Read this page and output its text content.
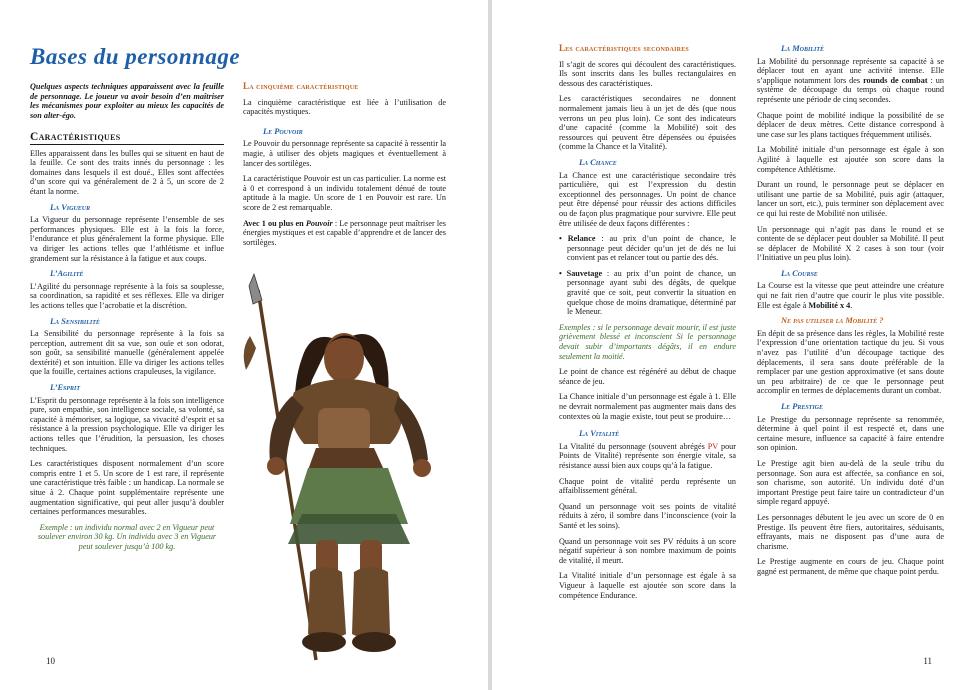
Bases du personnage
Quelques aspects techniques apparaissent avec la feuille de personnage. Le joueur va avoir besoin d’en maîtriser les mécanismes pour exploiter au mieux les capacités de son alter-égo.
Caractéristiques

Elles apparaissent dans les bulles qui se situent en haut de la feuille. Ce sont des traits innés du personnage : les domaines dans lesquels il est doué., Elles sont affectées d’un score qui va généralement de 2 à 5, un score de 2 étant la norme.

La Vigueur

La Vigueur du personnage représente l’ensemble de ses performances physiques. Elle est à la fois la force, l’endurance et plus généralement la forme physique. Elle va diriger les actions telles que l’athlétisme et influe grandement sur la résistance à la fatigue et aux coups.

L’Agilité

L’Agilité du personnage représente à la fois sa souplesse, sa coordination, sa rapidité et ses réflexes. Elle va diriger les actions telles que l’acrobatie et la discrétion.

La Sensibilité

La Sensibilité du personnage représente à la fois sa perception, autrement dit sa vue, son ouïe et son odorat, son goût, sa sensibilité manuelle (généralement appelée dextérité) et son intuition. Elle va diriger les actions telles que la fouille, certaines actions crapuleuses, la vigilance.

L’Esprit

L’Esprit du personnage représente à la fois son intelligence pure, son empathie, son intelligence sociale, sa volonté, sa capacité à mémoriser, sa logique, sa vivacité d’esprit et sa résistance à la pression psychologique. Elle va diriger les actions telles que l’érudition, la persuasion, les choses techniques.

Les caractéristiques disposent normalement d’un score compris entre 1 et 5. Un score de 1 est rare, il représente une caractéristique très faible : un handicap. La normale se situe à 2. Chaque point supplémentaire représente une augmentation significative, qui peut aller jusqu’à doubler certaines performances mesurables.

Exemple : un individu normal avec 2 en Vigueur peut soulever environ 30 kg. Un individu avec 3 en Vigueur peut soulever jusqu’à 100 kg.

La cinquième caractéristique

La cinquième caractéristique est liée à l’utilisation de capacités mystiques.

Le Pouvoir

Le Pouvoir du personnage représente sa capacité à ressentir la magie, à utiliser des objets magiques et éventuellement à lancer des sortilèges.

La caractéristique Pouvoir est un cas particulier. La norme est à 0 et correspond à un individu totalement dénué de toute aptitude à la magie. Un score de 1 en Pouvoir est rare. Un score de 2 est remarquable.

Avec 1 ou plus en Pouvoir : Le personnage peut maîtriser les énergies mystiques et est capable d’apprendre et de lancer des sortilèges.

10
Les caractéristiques secondaires

Il s’agit de scores qui découlent des caractéristiques. Ils sont inscrits dans les bulles rectangulaires en dessous des caractéristiques.

Les caractéristiques secondaires ne donnent normalement jamais lieu à un jet de dés (que nous verrons un peu plus loin). Ce sont des indicateurs d’une capacité (comme la Mobilité) soit des ressources qui peuvent être dépensées ou épuisées (comme la Chance et la Vitalité).

La Chance

La Chance est une caractéristique secondaire très particulière, qui est l’expression du destin exceptionnel des personnages. Un point de chance peut être dépensé pour réussir des actions difficiles ou de façon plus pragmatique pour survivre. Elle peut être utilisée de deux façons différentes :

• Relance : au prix d’un point de chance, le personnage peut décider qu’un jet de dés ne lui convient pas et relancer tout ou partie des dés.

• Sauvetage : au prix d’un point de chance, un personnage ayant subi des dégâts, de quelque gravité que ce soit, peut convertir la situation en quelque chose de moins dramatique, déterminé par le Meneur.

Exemples : si le personnage devait mourir, il est juste grièvement blessé et inconscient Si le personnage devait subir d’importants dégâts, il en endure seulement la moitié.

Le point de chance est régénéré au début de chaque séance de jeu.

La Chance initiale d’un personnage est égale à 1. Elle ne devrait normalement pas augmenter mais dans des contextes où la magie existe, tout peut se produire…

La Vitalité

La Vitalité du personnage (souvent abrégés PV pour Points de Vitalité) représente son énergie vitale, sa résistance aussi bien aux coups qu’à la fatigue.

Chaque point de vitalité perdu représente un affaiblissement général.

Quand un personnage voit ses points de vitalité réduits à zéro, il sombre dans l’inconscience (voir la Santé et les soins).

Quand un personnage voit ses PV réduits à un score négatif supérieur à son nombre maximum de points de vitalité, il meurt.

La Vitalité initiale d’un personnage est égale à sa Vigueur à laquelle est ajoutée son score dans la compétence Endurance.

La Mobilité

La Mobilité du personnage représente sa capacité à se déplacer tout en ayant une activité intense. Elle s’applique notamment lors des rounds de combat : un système de découpage du temps où chaque round représente une période de cinq secondes.

Chaque point de mobilité indique la possibilité de se déplacer de deux mètres. Cette distance correspond à une case sur les plans tactiques fréquemment utilisés.

La Mobilité initiale d’un personnage est égale à son Agilité à laquelle est ajoutée son score dans la compétence Athlétisme.

Durant un round, le personnage peut se déplacer en utilisant une partie de sa Mobilité, puis agir (attaquer, lancer un sort, etc.), puis terminer son déplacement avec ce qui lui reste de Mobilité non utilisée.

Un personnage qui n’agit pas dans le round et se contente de se déplacer peut doubler sa Mobilité. Il peut se déplacer de Mobilité X 2 cases à son tour (voir l’Initiative un peu plus loin).

La Course

La Course est la vitesse que peut atteindre une créature qui ne fait rien d’autre que courir le plus vite possible. Elle est égale à Mobilité x 4.

Ne pas utiliser la Mobilité ?

En dépit de sa présence dans les règles, la Mobilité reste l’expression d’une orientation tactique du jeu. Si vous n’avez pas l’utilité d’un découpage tactique des déplacements, il sera sans doute préférable de la remplacer par une gestion approximative (et sans doute un peu arbitraire) de ce que le personnage peut accomplir en termes de déplacements durant un combat.

Le Prestige

Le Prestige du personnage représente sa renommée, détermine à quel point il est respecté et, dans une certaine mesure, influence sa capacité à faire entendre son opinion.

Le Prestige agit bien au-delà de la seule tribu du personnage. Son aura est affectée, sa confiance en soi, son charisme, son autorité. Un individu doté d’un important Prestige peut faire taire un contradicteur d’un simple regard appuyé.

Les personnages débutent le jeu avec un score de 0 en Prestige. Ils peuvent être fiers, autoritaires, séduisants, effrayants, mais ne disposent pas d’une aura de charisme.

Le Prestige augmente en cours de jeu. Chaque point gagné est permanent, de même que chaque point perdu.

11
